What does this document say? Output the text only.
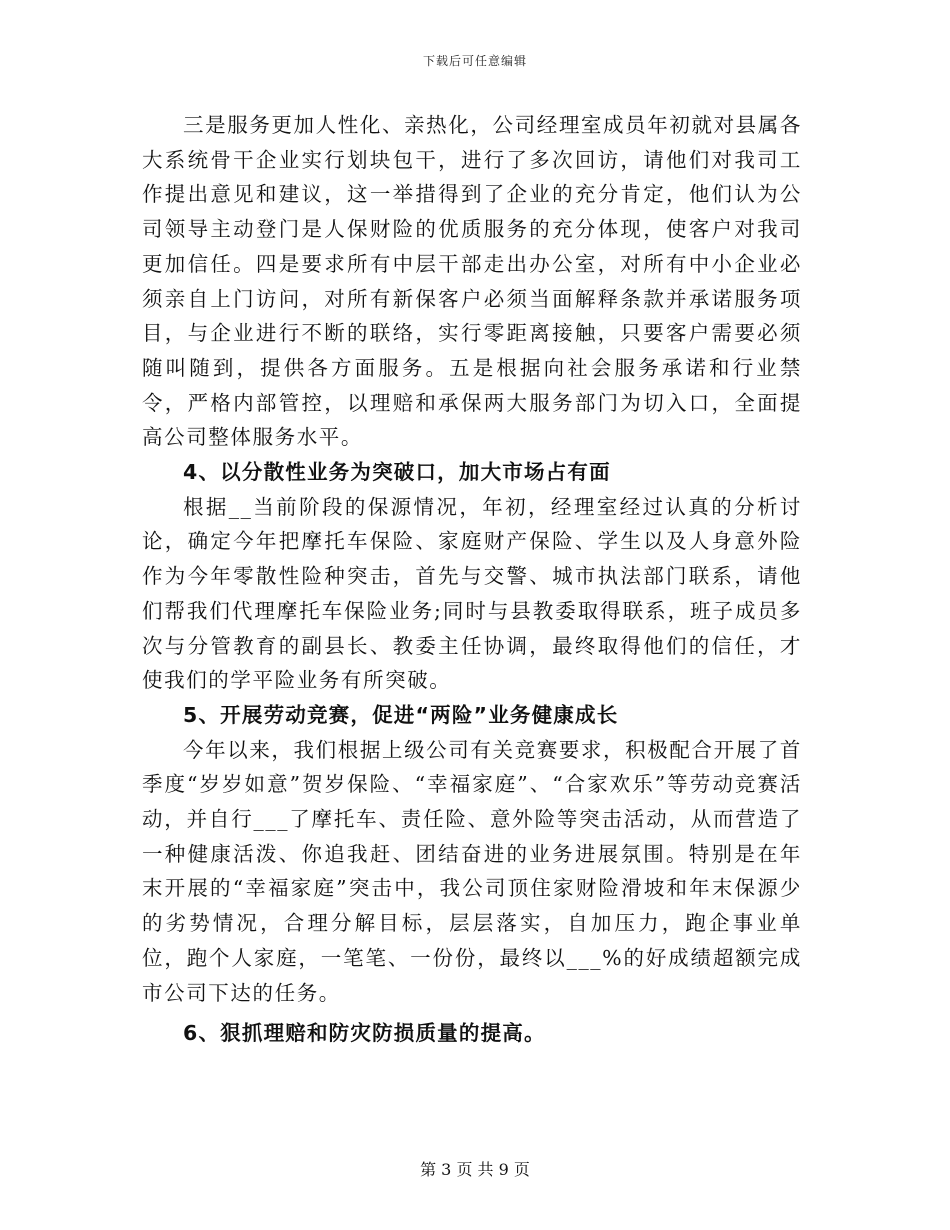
下载后可任意编辑

三是服务更加人性化、亲热化，公司经理室成员年初就对县属各大系统骨干企业实行划块包干，进行了多次回访，请他们对我司工作提出意见和建议，这一举措得到了企业的充分肯定，他们认为公司领导主动登门是人保财险的优质服务的充分体现，使客户对我司更加信任。四是要求所有中层干部走出办公室，对所有中小企业必须亲自上门访问，对所有新保客户必须当面解释条款并承诺服务项目，与企业进行不断的联络，实行零距离接触，只要客户需要必须随叫随到，提供各方面服务。五是根据向社会服务承诺和行业禁令，严格内部管控，以理赔和承保两大服务部门为切入口，全面提高公司整体服务水平。

4、以分散性业务为突破口，加大市场占有面

根据__当前阶段的保源情况，年初，经理室经过认真的分析讨论，确定今年把摩托车保险、家庭财产保险、学生以及人身意外险作为今年零散性险种突击，首先与交警、城市执法部门联系，请他们帮我们代理摩托车保险业务;同时与县教委取得联系，班子成员多次与分管教育的副县长、教委主任协调，最终取得他们的信任，才使我们的学平险业务有所突破。

5、开展劳动竞赛，促进“两险”业务健康成长

今年以来，我们根据上级公司有关竞赛要求，积极配合开展了首季度“岁岁如意”贺岁保险、“幸福家庭”、“合家欢乐”等劳动竞赛活动，并自行___了摩托车、责任险、意外险等突击活动，从而营造了一种健康活泼、你追我赶、团结奋进的业务进展氛围。特别是在年末开展的“幸福家庭”突击中，我公司顶住家财险滑坡和年末保源少的劣势情况，合理分解目标，层层落实，自加压力，跑企事业单位，跑个人家庭，一笔笔、一份份，最终以___%的好成绩超额完成市公司下达的任务。

6、狠抓理赔和防灾防损质量的提高。

第 3 页 共 9 页
